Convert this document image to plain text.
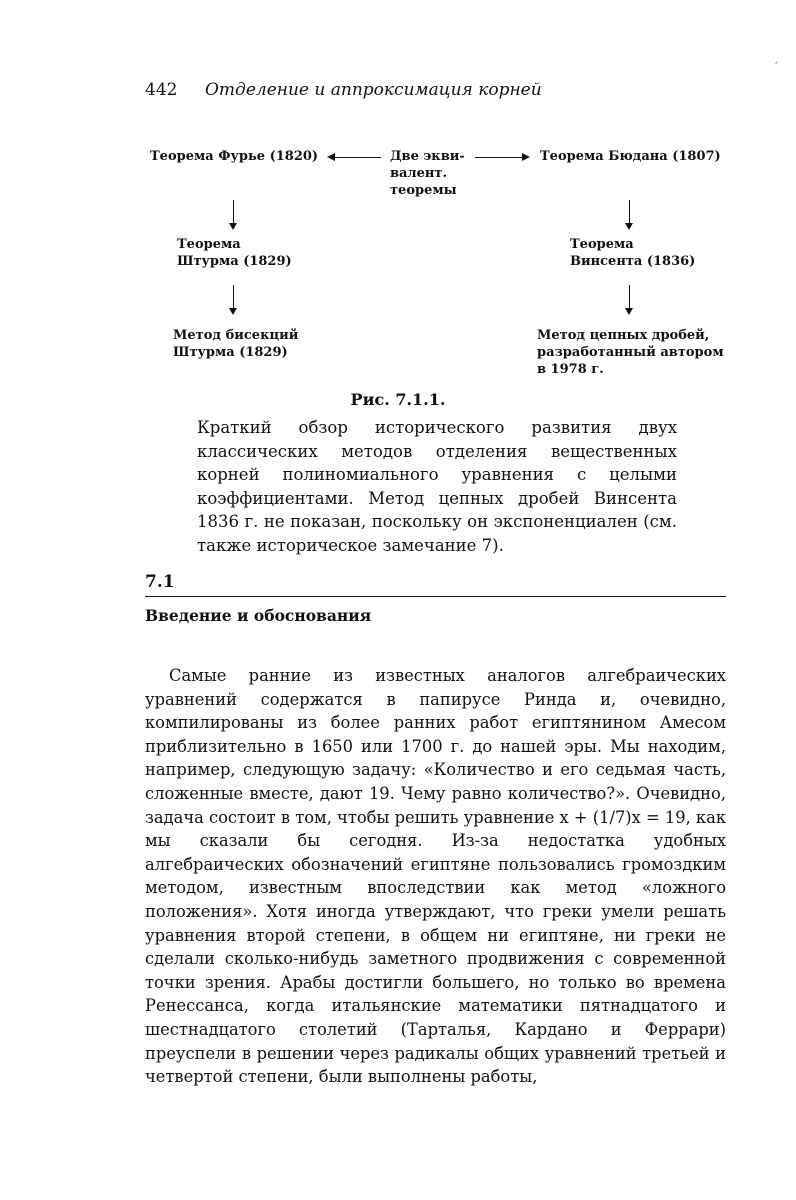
442 Отделение и аппроксимация корней
′
Теорема Фурье (1820)	Две экви-
валент.
теоремы
Теорема Бюдана (1807)
Теорема
Штурма (1829)
Метод бисекций
Штурма (1829)
Теорема
Винсента (1836)
Метод цепных дробей,
разработанный автором
в 1978 г.
Рис. 7.1.1.
Краткий обзор исторического развития двух классических методов отделения вещественных корней полиномиального уравнения с целыми коэффициентами. Метод цепных дробей Винсента 1836 г. не показан, поскольку он экспоненциален (см. также историческое замечание 7).
7.1
Введение и обоснования
Самые ранние из известных аналогов алгебраических уравнений содержатся в папирусе Ринда и, очевидно, компилированы из более ранних работ египтянином Амесом приблизительно в 1650 или 1700 г. до нашей эры. Мы находим, например, следующую задачу: «Количество и его седьмая часть, сложенные вместе, дают 19. Чему равно количество?». Очевидно, задача состоит в том, чтобы решить уравнение x + (1/7)x = 19, как мы сказали бы сегодня. Из-за недостатка удобных алгебраических обозначений египтяне пользовались громоздким методом, известным впоследствии как метод «ложного положения». Хотя иногда утверждают, что греки умели решать уравнения второй степени, в общем ни египтяне, ни греки не сделали сколько-нибудь заметного продвижения с современной точки зрения. Арабы достигли большего, но только во времена Ренессанса, когда итальянские математики пятнадцатого и шестнадцатого столетий (Тарталья, Кардано и Феррари) преуспели в решении через радикалы общих уравнений третьей и четвертой степени, были выполнены работы,
